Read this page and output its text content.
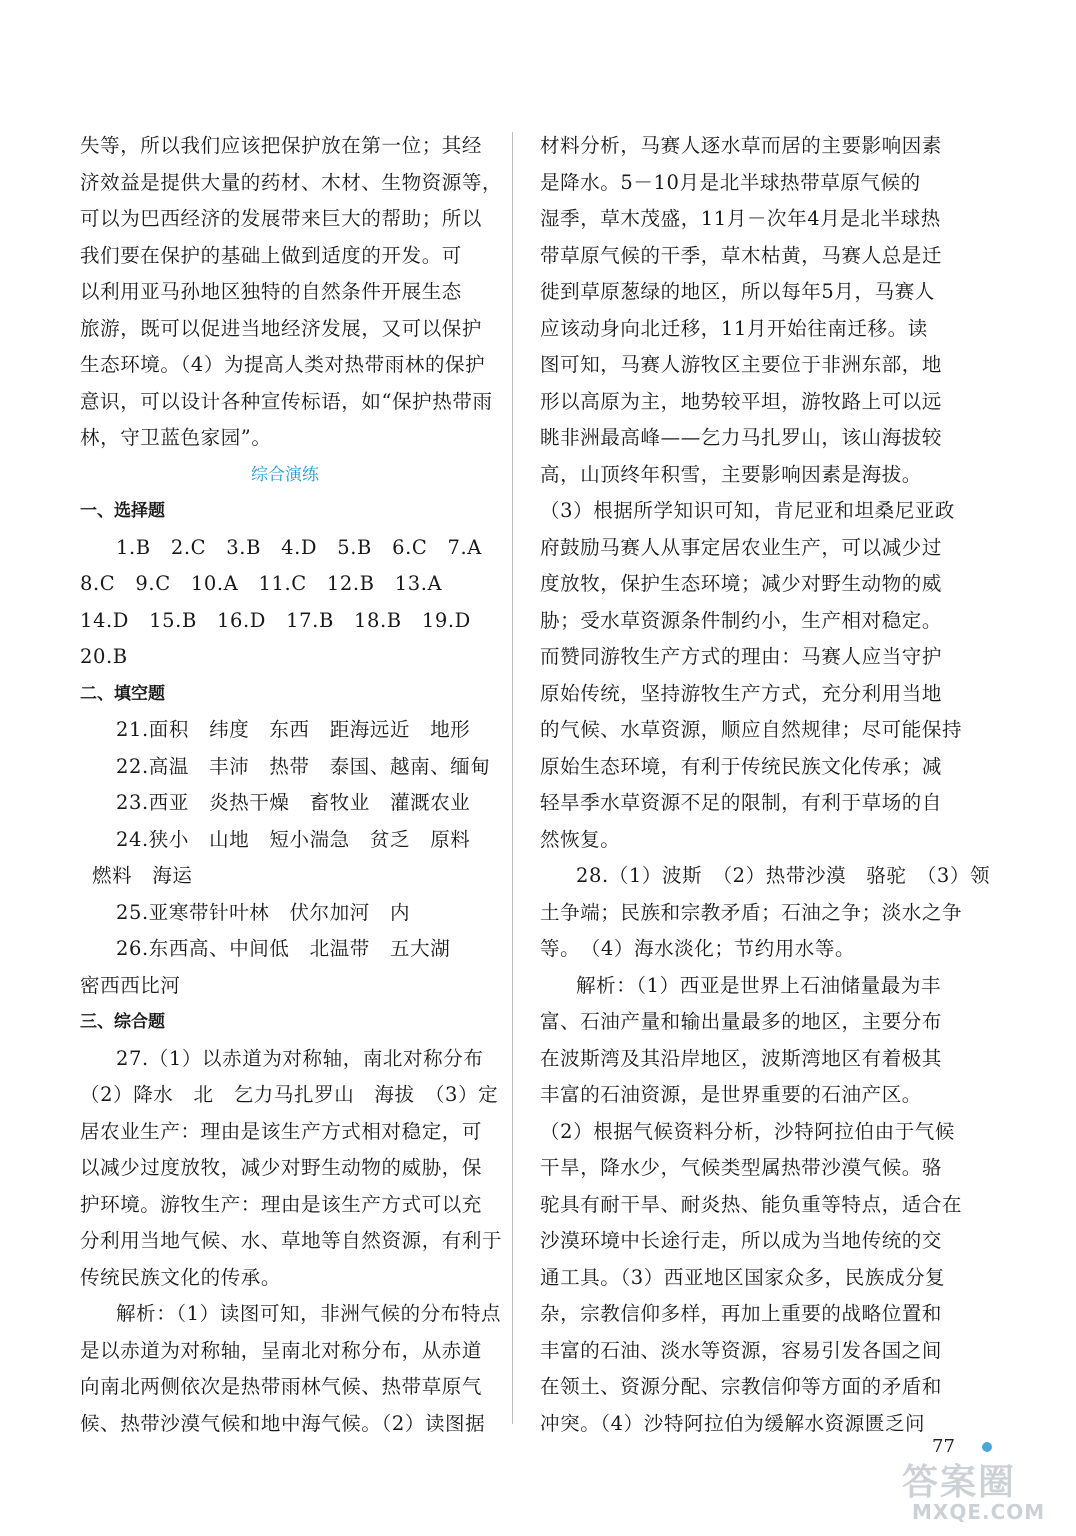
失等，所以我们应该把保护放在第一位；其经
济效益是提供大量的药材、木材、生物资源等，
可以为巴西经济的发展带来巨大的帮助；所以
我们要在保护的基础上做到适度的开发。可
以利用亚马孙地区独特的自然条件开展生态
旅游，既可以促进当地经济发展，又可以保护
生态环境。（4）为提高人类对热带雨林的保护
意识，可以设计各种宣传标语，如“保护热带雨
林，守卫蓝色家园”。
综合演练
一、选择题
1.B　2.C　3.B　4.D　5.B　6.C　7.A
8.C　9.C　10.A　11.C　12.B　13.A
14.D　15.B　16.D　17.B　18.B　19.D
20.B
二、填空题
21.面积　纬度　东西　距海远近　地形
22.高温　丰沛　热带　泰国、越南、缅甸
23.西亚　炎热干燥　畜牧业　灌溉农业
24.狭小　山地　短小湍急　贫乏　原料
燃料　海运
25.亚寒带针叶林　伏尔加河　内
26.东西高、中间低　北温带　五大湖
密西西比河
三、综合题
27.（1）以赤道为对称轴，南北对称分布
（2）降水　北　乞力马扎罗山　海拔　（3）定
居农业生产：理由是该生产方式相对稳定，可
以减少过度放牧，减少对野生动物的威胁，保
护环境。游牧生产：理由是该生产方式可以充
分利用当地气候、水、草地等自然资源，有利于
传统民族文化的传承。
解析：（1）读图可知，非洲气候的分布特点
是以赤道为对称轴，呈南北对称分布，从赤道
向南北两侧依次是热带雨林气候、热带草原气
候、热带沙漠气候和地中海气候。（2）读图据
材料分析，马赛人逐水草而居的主要影响因素
是降水。5－10月是北半球热带草原气候的
湿季，草木茂盛，11月－次年4月是北半球热
带草原气候的干季，草木枯黄，马赛人总是迁
徙到草原葱绿的地区，所以每年5月，马赛人
应该动身向北迁移，11月开始往南迁移。读
图可知，马赛人游牧区主要位于非洲东部，地
形以高原为主，地势较平坦，游牧路上可以远
眺非洲最高峰——乞力马扎罗山，该山海拔较
高，山顶终年积雪，主要影响因素是海拔。
（3）根据所学知识可知，肯尼亚和坦桑尼亚政
府鼓励马赛人从事定居农业生产，可以减少过
度放牧，保护生态环境；减少对野生动物的威
胁；受水草资源条件制约小，生产相对稳定。
而赞同游牧生产方式的理由：马赛人应当守护
原始传统，坚持游牧生产方式，充分利用当地
的气候、水草资源，顺应自然规律；尽可能保持
原始生态环境，有利于传统民族文化传承；减
轻旱季水草资源不足的限制，有利于草场的自
然恢复。
28.（1）波斯　（2）热带沙漠　骆驼　（3）领
土争端；民族和宗教矛盾；石油之争；淡水之争
等。　（4）海水淡化；节约用水等。
解析：（1）西亚是世界上石油储量最为丰
富、石油产量和输出量最多的地区，主要分布
在波斯湾及其沿岸地区，波斯湾地区有着极其
丰富的石油资源，是世界重要的石油产区。
（2）根据气候资料分析，沙特阿拉伯由于气候
干旱，降水少，气候类型属热带沙漠气候。骆
驼具有耐干旱、耐炎热、能负重等特点，适合在
沙漠环境中长途行走，所以成为当地传统的交
通工具。（3）西亚地区国家众多，民族成分复
杂，宗教信仰多样，再加上重要的战略位置和
丰富的石油、淡水等资源，容易引发各国之间
在领土、资源分配、宗教信仰等方面的矛盾和
冲突。（4）沙特阿拉伯为缓解水资源匮乏问
77
答案圈
MXQE.COM
